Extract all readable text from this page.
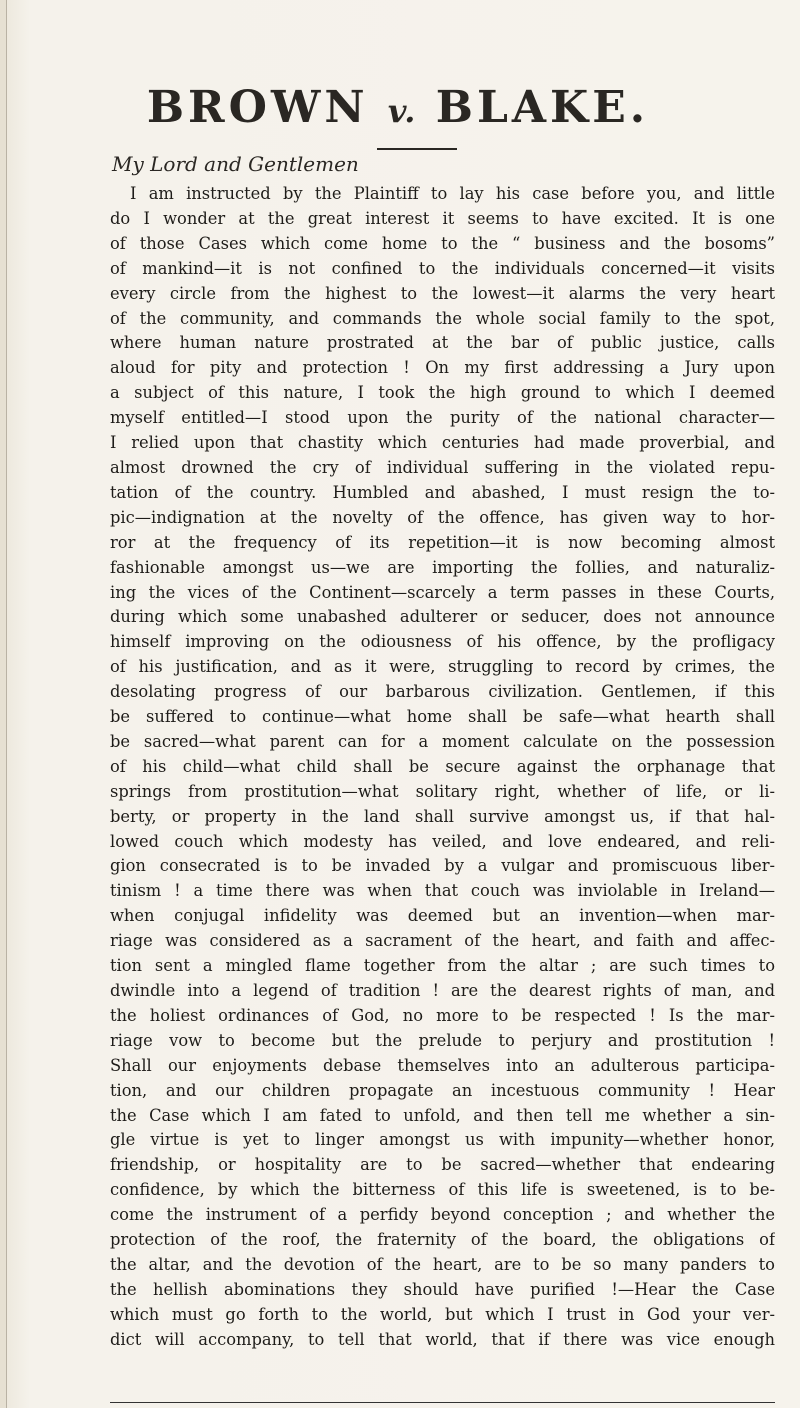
BROWN v. BLAKE.
My Lord and Gentlemen
I am instructed by the Plaintiff to lay his case before you, and little
do I wonder at the great interest it seems to have excited. It is one
of those Cases which come home to the “ business and the bosoms”
of mankind—it is not confined to the individuals concerned—it visits
every circle from the highest to the lowest—it alarms the very heart
of the community, and commands the whole social family to the spot,
where human nature prostrated at the bar of public justice, calls
aloud for pity and protection ! On my first addressing a Jury upon
a subject of this nature, I took the high ground to which I deemed
myself entitled—I stood upon the purity of the national character—
I relied upon that chastity which centuries had made proverbial, and
almost drowned the cry of individual suffering in the violated repu-
tation of the country. Humbled and abashed, I must resign the to-
pic—indignation at the novelty of the offence, has given way to hor-
ror at the frequency of its repetition—it is now becoming almost
fashionable amongst us—we are importing the follies, and naturaliz-
ing the vices of the Continent—scarcely a term passes in these Courts,
during which some unabashed adulterer or seducer, does not announce
himself improving on the odiousness of his offence, by the profligacy
of his justification, and as it were, struggling to record by crimes, the
desolating progress of our barbarous civilization. Gentlemen, if this
be suffered to continue—what home shall be safe—what hearth shall
be sacred—what parent can for a moment calculate on the possession
of his child—what child shall be secure against the orphanage that
springs from prostitution—what solitary right, whether of life, or li-
berty, or property in the land shall survive amongst us, if that hal-
lowed couch which modesty has veiled, and love endeared, and reli-
gion consecrated is to be invaded by a vulgar and promiscuous liber-
tinism ! a time there was when that couch was inviolable in Ireland—
when conjugal infidelity was deemed but an invention—when mar-
riage was considered as a sacrament of the heart, and faith and affec-
tion sent a mingled flame together from the altar ; are such times to
dwindle into a legend of tradition ! are the dearest rights of man, and
the holiest ordinances of God, no more to be respected ! Is the mar-
riage vow to become but the prelude to perjury and prostitution !
Shall our enjoyments debase themselves into an adulterous participa-
tion, and our children propagate an incestuous community ! Hear
the Case which I am fated to unfold, and then tell me whether a sin-
gle virtue is yet to linger amongst us with impunity—whether honor,
friendship, or hospitality are to be sacred—whether that endearing
confidence, by which the bitterness of this life is sweetened, is to be-
come the instrument of a perfidy beyond conception ; and whether the
protection of the roof, the fraternity of the board, the obligations of
the altar, and the devotion of the heart, are to be so many panders to
the hellish abominations they should have purified !—Hear the Case
which must go forth to the world, but which I trust in God your ver-
dict will accompany, to tell that world, that if there was vice enough
